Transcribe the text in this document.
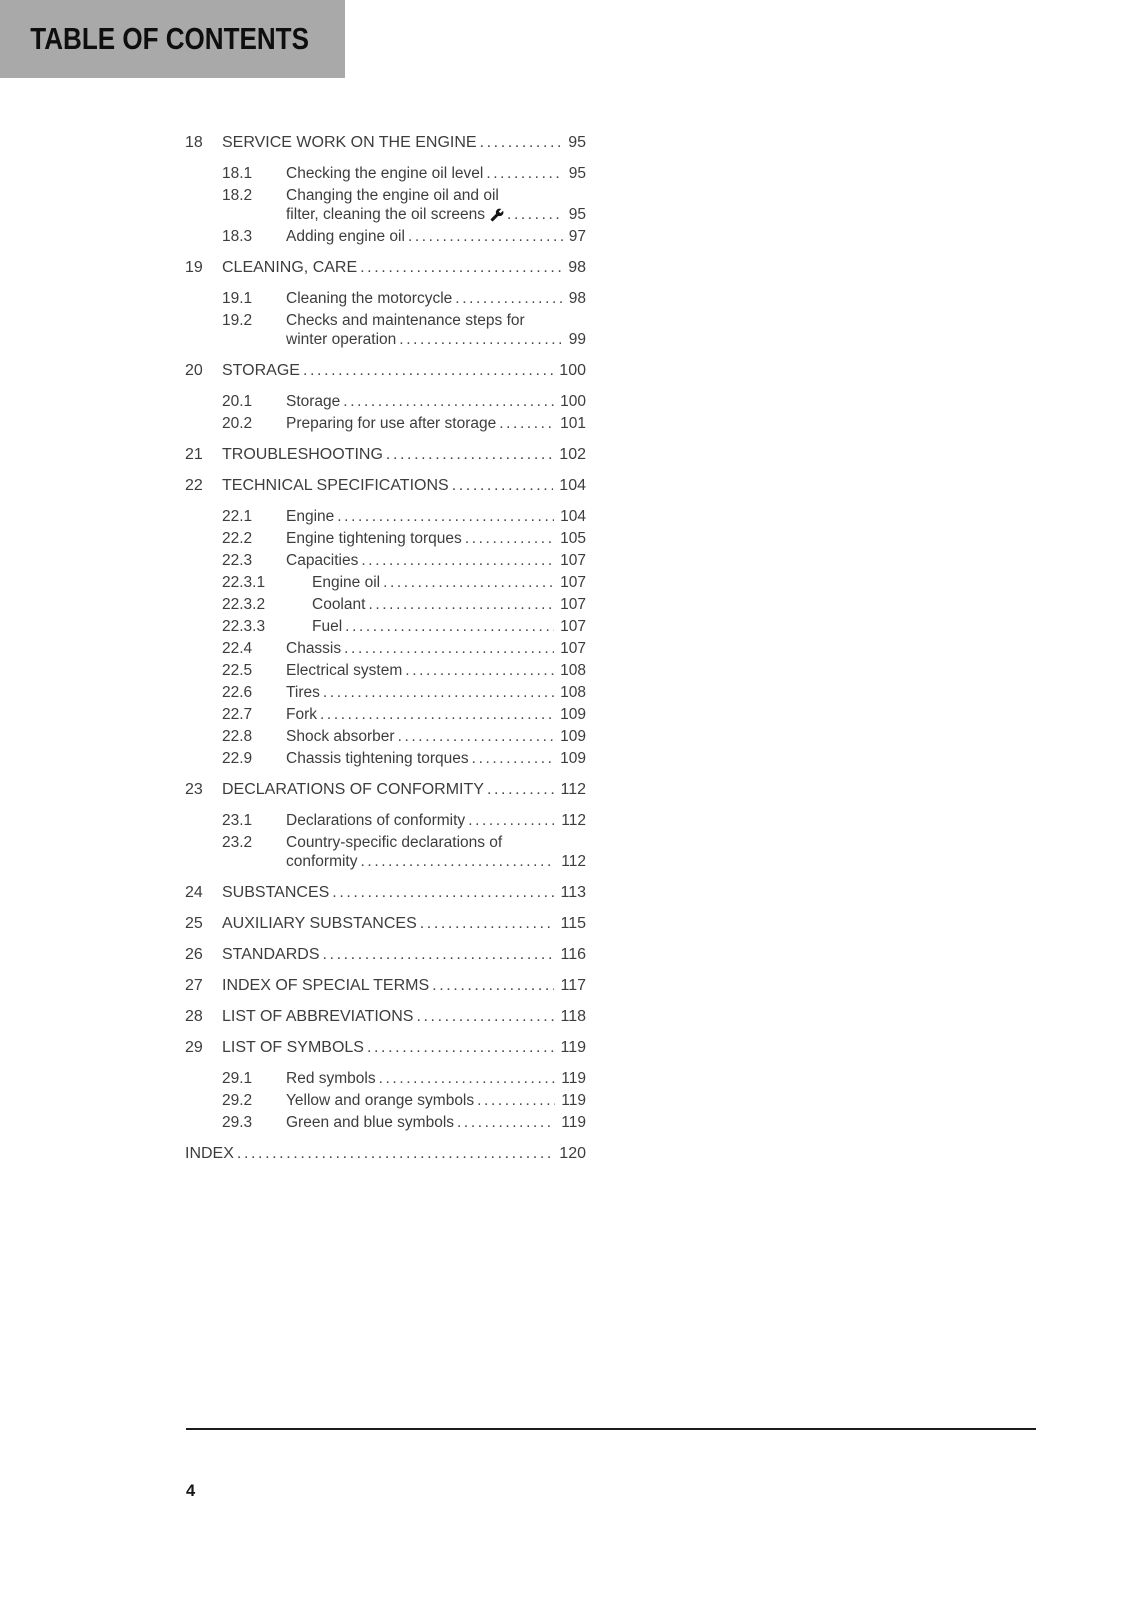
TABLE OF CONTENTS
18	SERVICE WORK ON THE ENGINE .....	95
18.1	Checking the engine oil level .....	95
18.2	Changing the engine oil and oil
filter, cleaning the oil screens .....	95
18.3	Adding engine oil .....	97
19	CLEANING, CARE .....	98
19.1	Cleaning the motorcycle .....	98
19.2	Checks and maintenance steps for
winter operation .....	99
20	STORAGE .....	100
20.1	Storage .....	100
20.2	Preparing for use after storage .....	101
21	TROUBLESHOOTING .....	102
22	TECHNICAL SPECIFICATIONS .....	104
22.1	Engine .....	104
22.2	Engine tightening torques .....	105
22.3	Capacities .....	107
22.3.1	Engine oil .....	107
22.3.2	Coolant .....	107
22.3.3	Fuel .....	107
22.4	Chassis .....	107
22.5	Electrical system .....	108
22.6	Tires .....	108
22.7	Fork .....	109
22.8	Shock absorber .....	109
22.9	Chassis tightening torques .....	109
23	DECLARATIONS OF CONFORMITY .....	112
23.1	Declarations of conformity .....	112
23.2	Country-specific declarations of
conformity .....	112
24	SUBSTANCES .....	113
25	AUXILIARY SUBSTANCES .....	115
26	STANDARDS .....	116
27	INDEX OF SPECIAL TERMS .....	117
28	LIST OF ABBREVIATIONS .....	118
29	LIST OF SYMBOLS .....	119
29.1	Red symbols .....	119
29.2	Yellow and orange symbols .....	119
29.3	Green and blue symbols .....	119
INDEX .....	120
4
